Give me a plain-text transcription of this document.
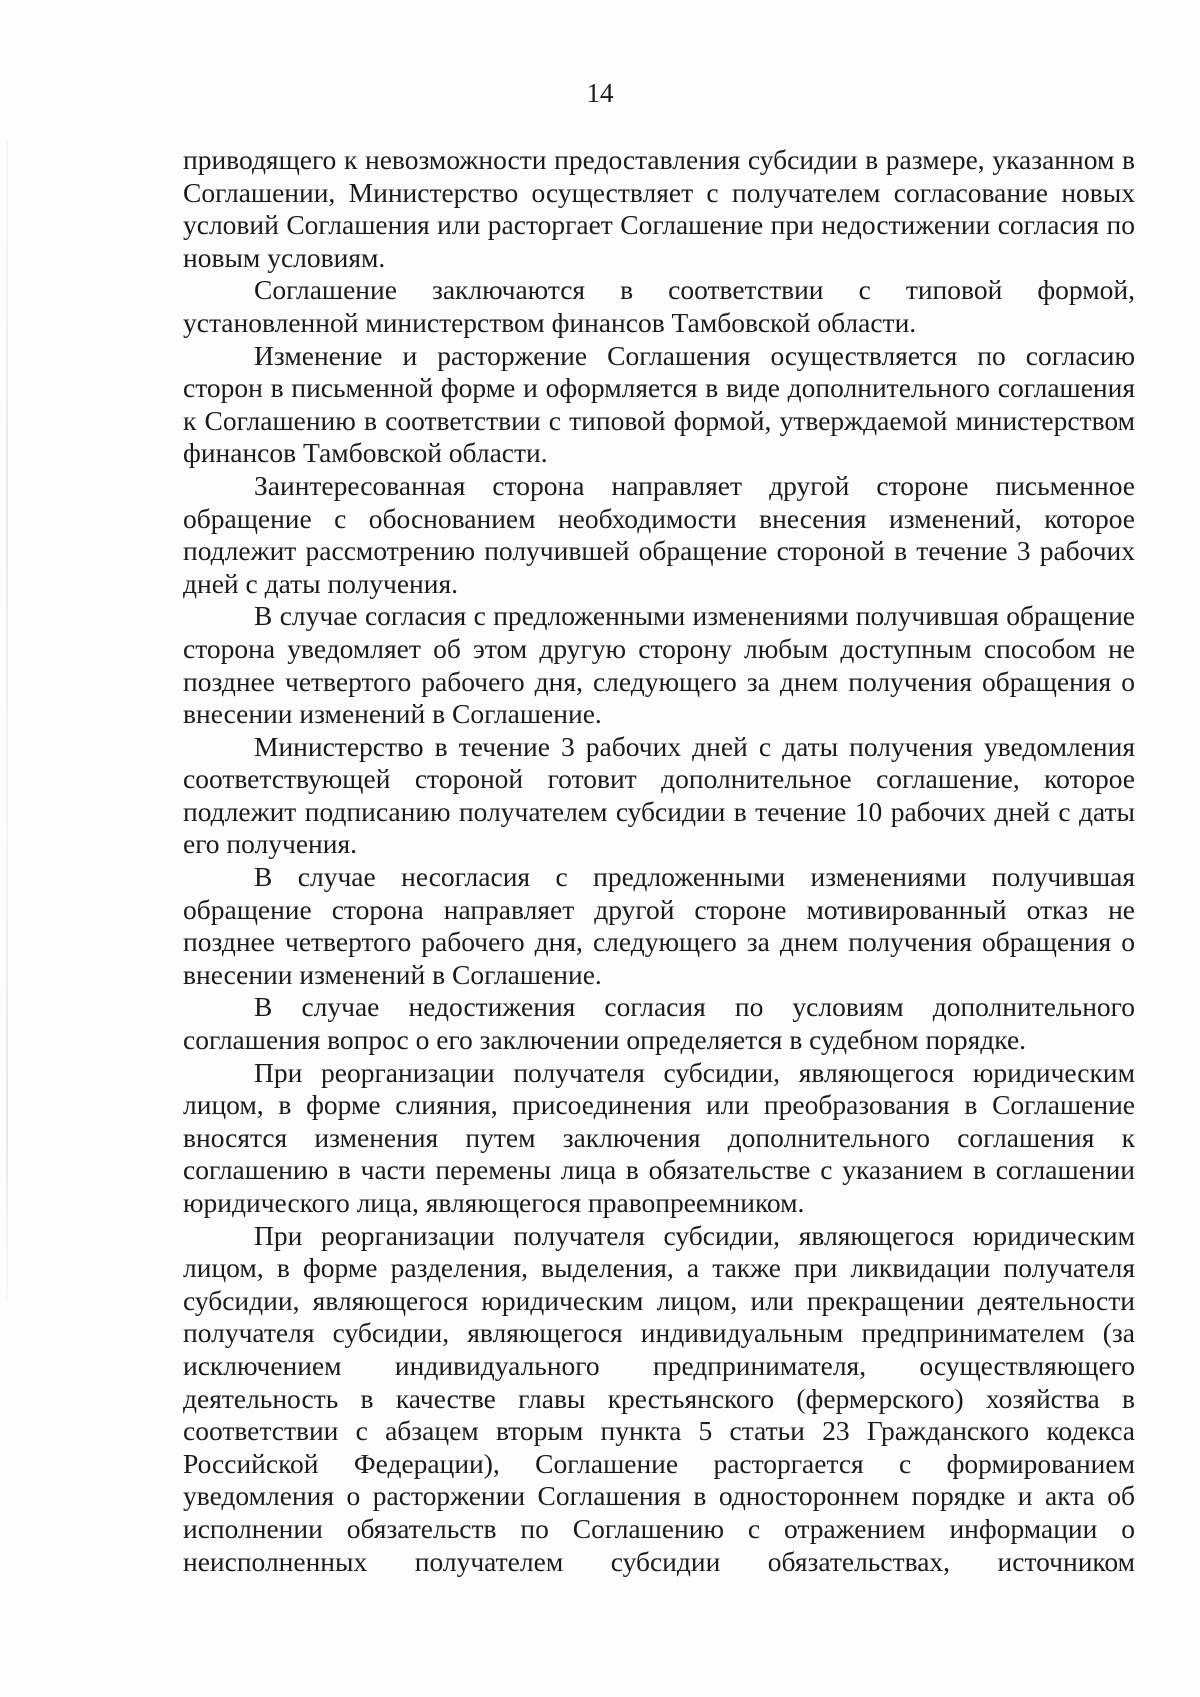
14

приводящего к невозможности предоставления субсидии в размере, указанном в Соглашении, Министерство осуществляет с получателем согласование новых условий Соглашения или расторгает Соглашение при недостижении согласия по новым условиям.

Соглашение заключаются в соответствии с типовой формой, установленной министерством финансов Тамбовской области.

Изменение и расторжение Соглашения осуществляется по согласию сторон в письменной форме и оформляется в виде дополнительного соглашения к Соглашению в соответствии с типовой формой, утверждаемой министерством финансов Тамбовской области.

Заинтересованная сторона направляет другой стороне письменное обращение с обоснованием необходимости внесения изменений, которое подлежит рассмотрению получившей обращение стороной в течение 3 рабочих дней с даты получения.

В случае согласия с предложенными изменениями получившая обращение сторона уведомляет об этом другую сторону любым доступным способом не позднее четвертого рабочего дня, следующего за днем получения обращения о внесении изменений в Соглашение.

Министерство в течение 3 рабочих дней с даты получения уведомления соответствующей стороной готовит дополнительное соглашение, которое подлежит подписанию получателем субсидии в течение 10 рабочих дней с даты его получения.

В случае несогласия с предложенными изменениями получившая обращение сторона направляет другой стороне мотивированный отказ не позднее четвертого рабочего дня, следующего за днем получения обращения о внесении изменений в Соглашение.

В случае недостижения согласия по условиям дополнительного соглашения вопрос о его заключении определяется в судебном порядке.

При реорганизации получателя субсидии, являющегося юридическим лицом, в форме слияния, присоединения или преобразования в Соглашение вносятся изменения путем заключения дополнительного соглашения к соглашению в части перемены лица в обязательстве с указанием в соглашении юридического лица, являющегося правопреемником.

При реорганизации получателя субсидии, являющегося юридическим лицом, в форме разделения, выделения, а также при ликвидации получателя субсидии, являющегося юридическим лицом, или прекращении деятельности получателя субсидии, являющегося индивидуальным предпринимателем (за исключением индивидуального предпринимателя, осуществляющего деятельность в качестве главы крестьянского (фермерского) хозяйства в соответствии с абзацем вторым пункта 5 статьи 23 Гражданского кодекса Российской Федерации), Соглашение расторгается с формированием уведомления о расторжении Соглашения в одностороннем порядке и акта об исполнении обязательств по Соглашению с отражением информации о неисполненных получателем субсидии обязательствах, источником
